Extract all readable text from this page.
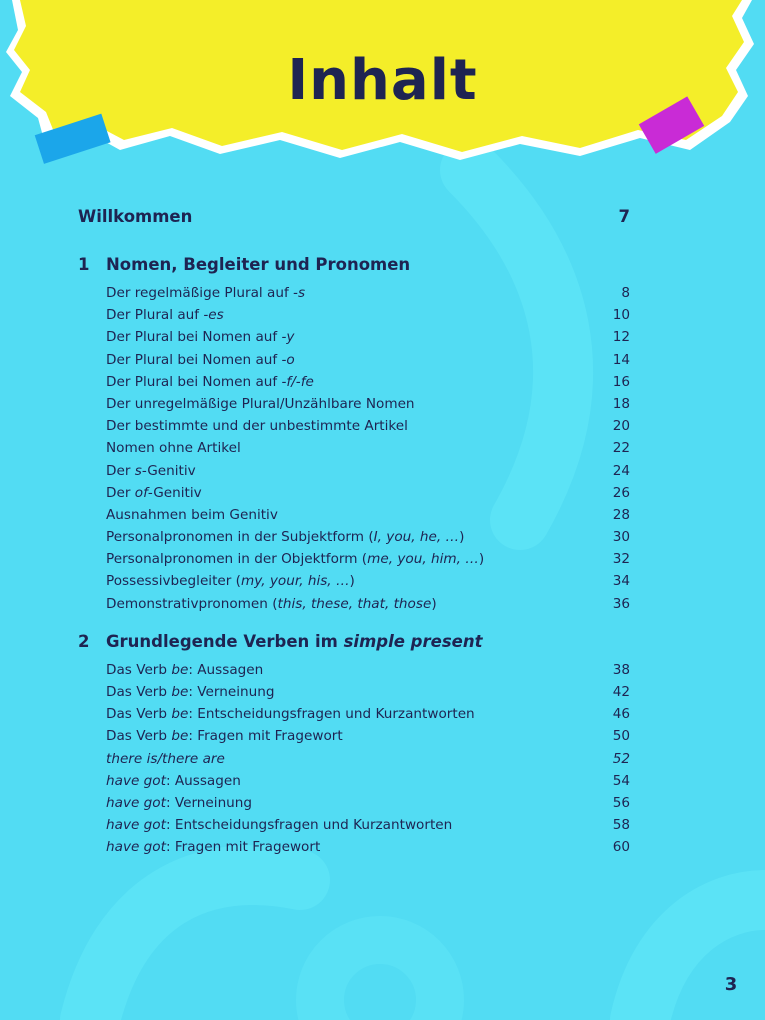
Inhalt
Willkommen	7
1	Nomen, Begleiter und Pronomen
Der regelmäßige Plural auf -s	8
Der Plural auf -es	10
Der Plural bei Nomen auf -y	12
Der Plural bei Nomen auf -o	14
Der Plural bei Nomen auf -f/-fe	16
Der unregelmäßige Plural/Unzählbare Nomen	18
Der bestimmte und der unbestimmte Artikel	20
Nomen ohne Artikel	22
Der s-Genitiv	24
Der of-Genitiv	26
Ausnahmen beim Genitiv	28
Personalpronomen in der Subjektform (I, you, he, …)	30
Personalpronomen in der Objektform (me, you, him, …)	32
Possessivbegleiter (my, your, his, …)	34
Demonstrativpronomen (this, these, that, those)	36
2	Grundlegende Verben im simple present
Das Verb be: Aussagen	38
Das Verb be: Verneinung	42
Das Verb be: Entscheidungsfragen und Kurzantworten	46
Das Verb be: Fragen mit Fragewort	50
there is/there are	52
have got: Aussagen	54
have got: Verneinung	56
have got: Entscheidungsfragen und Kurzantworten	58
have got: Fragen mit Fragewort	60
3
